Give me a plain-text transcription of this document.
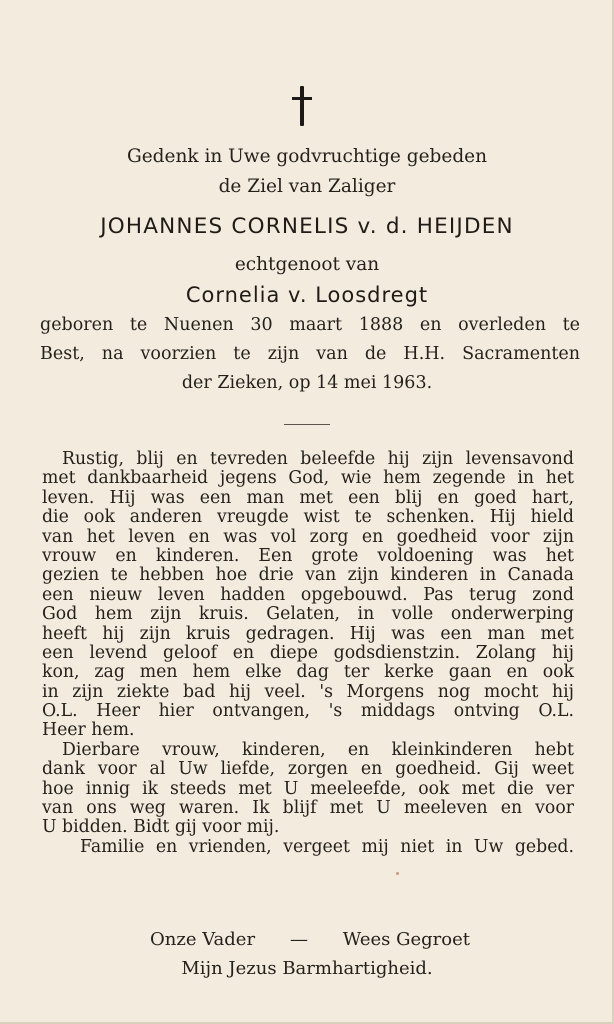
Gedenk in Uwe godvruchtige gebeden
de Ziel van Zaliger
JOHANNES CORNELIS v. d. HEIJDEN
echtgenoot van
Cornelia v. Loosdregt
geboren te Nuenen 30 maart 1888 en overleden te
Best, na voorzien te zijn van de H.H. Sacramenten
der Zieken, op 14 mei 1963.
Rustig, blij en tevreden beleefde hij zijn levensavond
met dankbaarheid jegens God, wie hem zegende in het
leven. Hij was een man met een blij en goed hart,
die ook anderen vreugde wist te schenken. Hij hield
van het leven en was vol zorg en goedheid voor zijn
vrouw en kinderen. Een grote voldoening was het
gezien te hebben hoe drie van zijn kinderen in Canada
een nieuw leven hadden opgebouwd. Pas terug zond
God hem zijn kruis. Gelaten, in volle onderwerping
heeft hij zijn kruis gedragen. Hij was een man met
een levend geloof en diepe godsdienstzin. Zolang hij
kon, zag men hem elke dag ter kerke gaan en ook
in zijn ziekte bad hij veel. 's Morgens nog mocht hij
O.L. Heer hier ontvangen, 's middags ontving O.L.
Heer hem.
Dierbare vrouw, kinderen, en kleinkinderen hebt
dank voor al Uw liefde, zorgen en goedheid. Gij weet
hoe innig ik steeds met U meeleefde, ook met die ver
van ons weg waren. Ik blijf met U meeleven en voor
U bidden. Bidt gij voor mij.
Familie en vrienden, vergeet mij niet in Uw gebed.
Onze Vader — Wees Gegroet
Mijn Jezus Barmhartigheid.
